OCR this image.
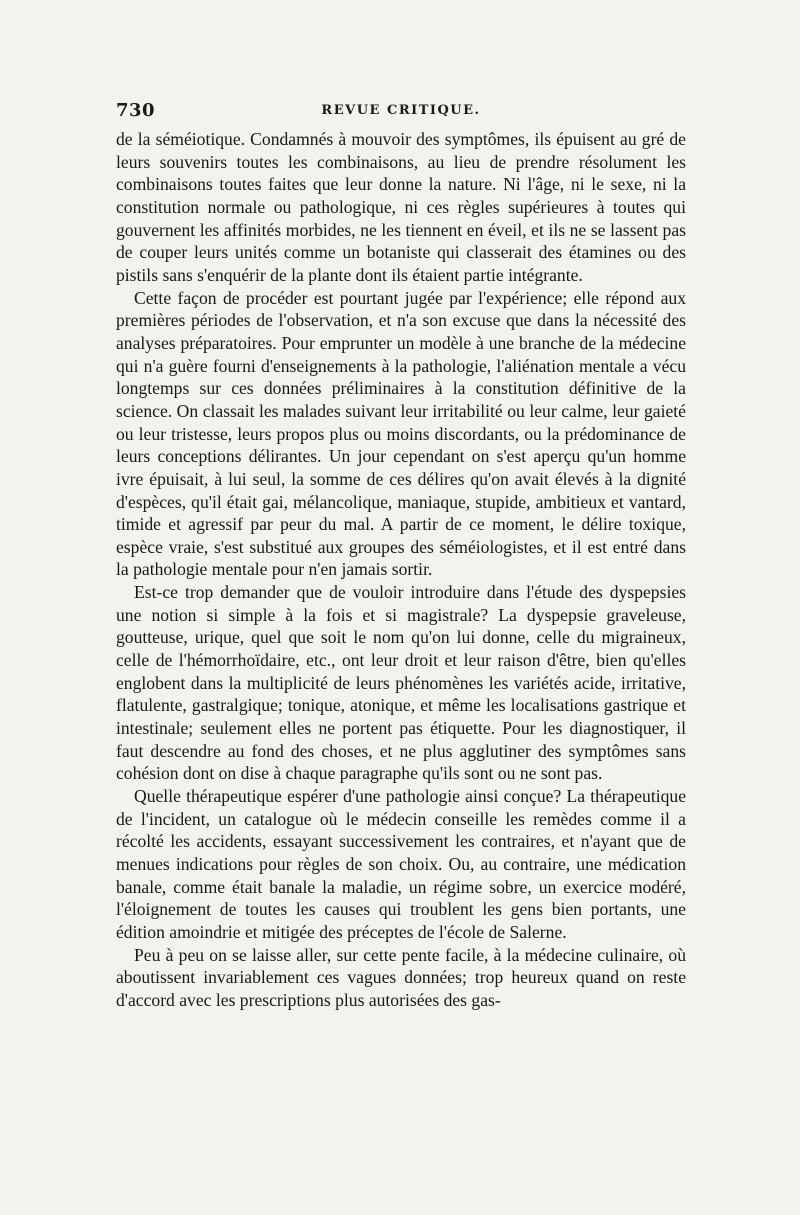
730	REVUE CRITIQUE.

de la séméiotique. Condamnés à mouvoir des symptômes, ils épuisent au gré de leurs souvenirs toutes les combinaisons, au lieu de prendre résolument les combinaisons toutes faites que leur donne la nature. Ni l'âge, ni le sexe, ni la constitution normale ou pathologique, ni ces règles supérieures à toutes qui gouvernent les affinités morbides, ne les tiennent en éveil, et ils ne se lassent pas de couper leurs unités comme un botaniste qui classerait des étamines ou des pistils sans s'enquérir de la plante dont ils étaient partie intégrante.

Cette façon de procéder est pourtant jugée par l'expérience; elle répond aux premières périodes de l'observation, et n'a son excuse que dans la nécessité des analyses préparatoires. Pour emprunter un modèle à une branche de la médecine qui n'a guère fourni d'enseignements à la pathologie, l'aliénation mentale a vécu longtemps sur ces données préliminaires à la constitution définitive de la science. On classait les malades suivant leur irritabilité ou leur calme, leur gaieté ou leur tristesse, leurs propos plus ou moins discordants, ou la prédominance de leurs conceptions délirantes. Un jour cependant on s'est aperçu qu'un homme ivre épuisait, à lui seul, la somme de ces délires qu'on avait élevés à la dignité d'espèces, qu'il était gai, mélancolique, maniaque, stupide, ambitieux et vantard, timide et agressif par peur du mal. A partir de ce moment, le délire toxique, espèce vraie, s'est substitué aux groupes des séméiologistes, et il est entré dans la pathologie mentale pour n'en jamais sortir.

Est-ce trop demander que de vouloir introduire dans l'étude des dyspepsies une notion si simple à la fois et si magistrale? La dyspepsie graveleuse, goutteuse, urique, quel que soit le nom qu'on lui donne, celle du migraineux, celle de l'hémorrhoïdaire, etc., ont leur droit et leur raison d'être, bien qu'elles englobent dans la multiplicité de leurs phénomènes les variétés acide, irritative, flatulente, gastralgique; tonique, atonique, et même les localisations gastrique et intestinale; seulement elles ne portent pas étiquette. Pour les diagnostiquer, il faut descendre au fond des choses, et ne plus agglutiner des symptômes sans cohésion dont on dise à chaque paragraphe qu'ils sont ou ne sont pas.

Quelle thérapeutique espérer d'une pathologie ainsi conçue? La thérapeutique de l'incident, un catalogue où le médecin conseille les remèdes comme il a récolté les accidents, essayant successivement les contraires, et n'ayant que de menues indications pour règles de son choix. Ou, au contraire, une médication banale, comme était banale la maladie, un régime sobre, un exercice modéré, l'éloignement de toutes les causes qui troublent les gens bien portants, une édition amoindrie et mitigée des préceptes de l'école de Salerne.

Peu à peu on se laisse aller, sur cette pente facile, à la médecine culinaire, où aboutissent invariablement ces vagues données; trop heureux quand on reste d'accord avec les prescriptions plus autorisées des gas-
